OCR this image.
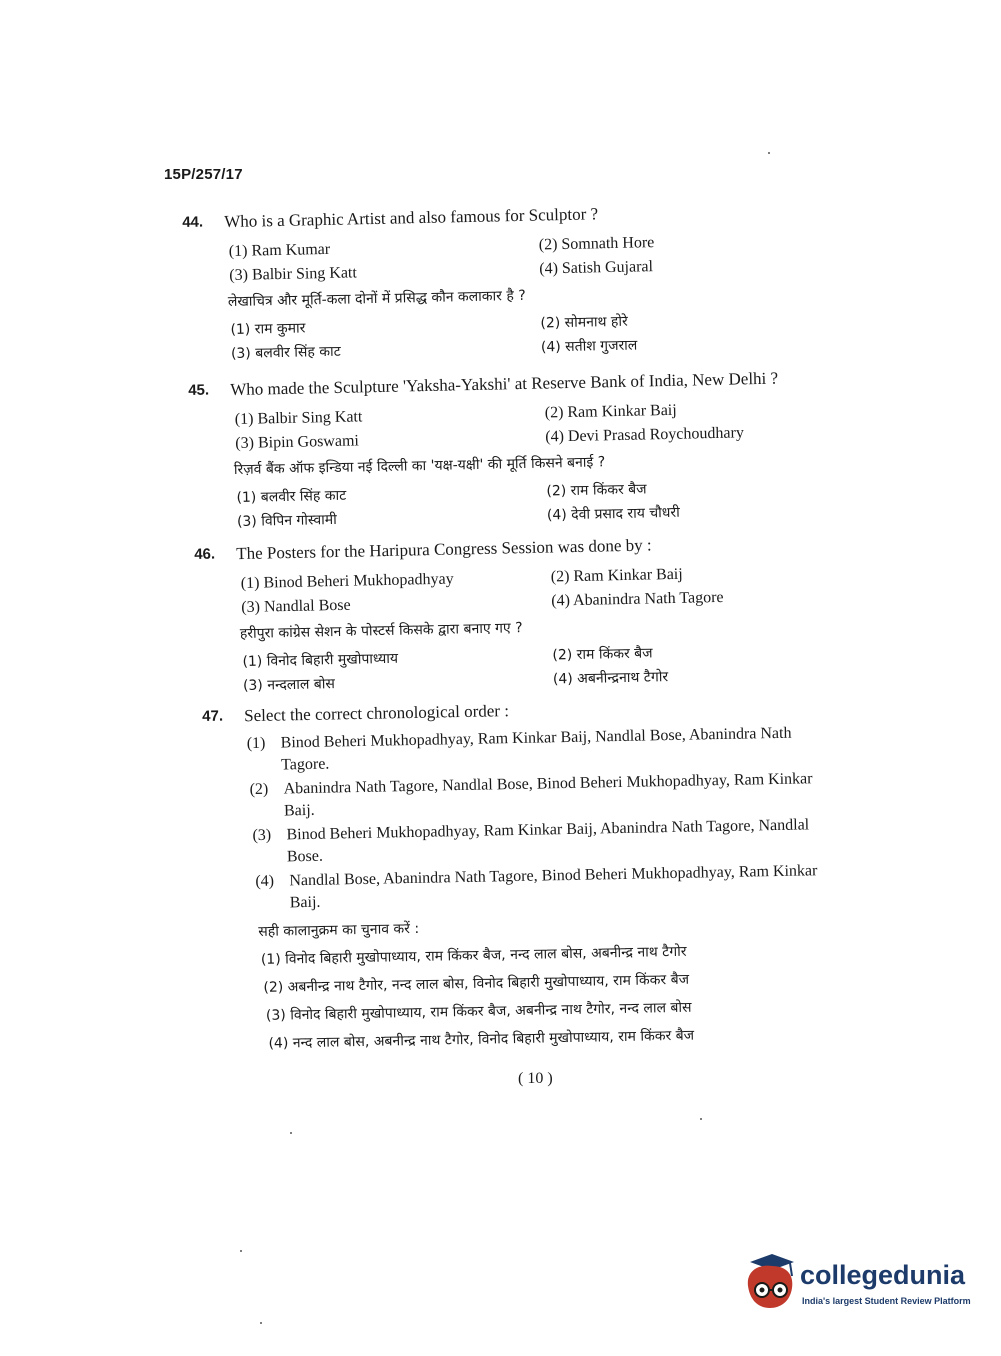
15P/257/17
44. Who is a Graphic Artist and also famous for Sculptor ?
(1) Ram Kumar	(2) Somnath Hore
(3) Balbir Sing Katt	(4) Satish Gujaral
लेखाचित्र और मूर्ति-कला दोनों में प्रसिद्ध कौन कलाकार है ?
(1) राम कुमार	(2) सोमनाथ होरे
(3) बलवीर सिंह काट	(4) सतीश गुजराल
45. Who made the Sculpture 'Yaksha-Yakshi' at Reserve Bank of India, New Delhi ?
(1) Balbir Sing Katt	(2) Ram Kinkar Baij
(3) Bipin Goswami	(4) Devi Prasad Roychoudhary
रिज़र्व बैंक ऑफ इन्डिया नई दिल्ली का 'यक्ष-यक्षी' की मूर्ति किसने बनाई ?
(1) बलवीर सिंह काट	(2) राम किंकर बैज
(3) विपिन गोस्वामी	(4) देवी प्रसाद राय चौधरी
46. The Posters for the Haripura Congress Session was done by :
(1) Binod Beheri Mukhopadhyay	(2) Ram Kinkar Baij
(3) Nandlal Bose	(4) Abanindra Nath Tagore
हरीपुरा कांग्रेस सेशन के पोस्टर्स किसके द्वारा बनाए गए ?
(1) विनोद बिहारी मुखोपाध्याय	(2) राम किंकर बैज
(3) नन्दलाल बोस	(4) अबनीन्द्रनाथ टैगोर
47. Select the correct chronological order :
(1) Binod Beheri Mukhopadhyay, Ram Kinkar Baij, Nandlal Bose, Abanindra Nath Tagore.
(2) Abanindra Nath Tagore, Nandlal Bose, Binod Beheri Mukhopadhyay, Ram Kinkar Baij.
(3) Binod Beheri Mukhopadhyay, Ram Kinkar Baij, Abanindra Nath Tagore, Nandlal Bose.
(4) Nandlal Bose, Abanindra Nath Tagore, Binod Beheri Mukhopadhyay, Ram Kinkar Baij.
सही कालानुक्रम का चुनाव करें :
(1) विनोद बिहारी मुखोपाध्याय, राम किंकर बैज, नन्द लाल बोस, अबनीन्द्र नाथ टैगोर
(2) अबनीन्द्र नाथ टैगोर, नन्द लाल बोस, विनोद बिहारी मुखोपाध्याय, राम किंकर बैज
(3) विनोद बिहारी मुखोपाध्याय, राम किंकर बैज, अबनीन्द्र नाथ टैगोर, नन्द लाल बोस
(4) नन्द लाल बोस, अबनीन्द्र नाथ टैगोर, विनोद बिहारी मुखोपाध्याय, राम किंकर बैज
( 10 )
collegedunia
India's largest Student Review Platform
